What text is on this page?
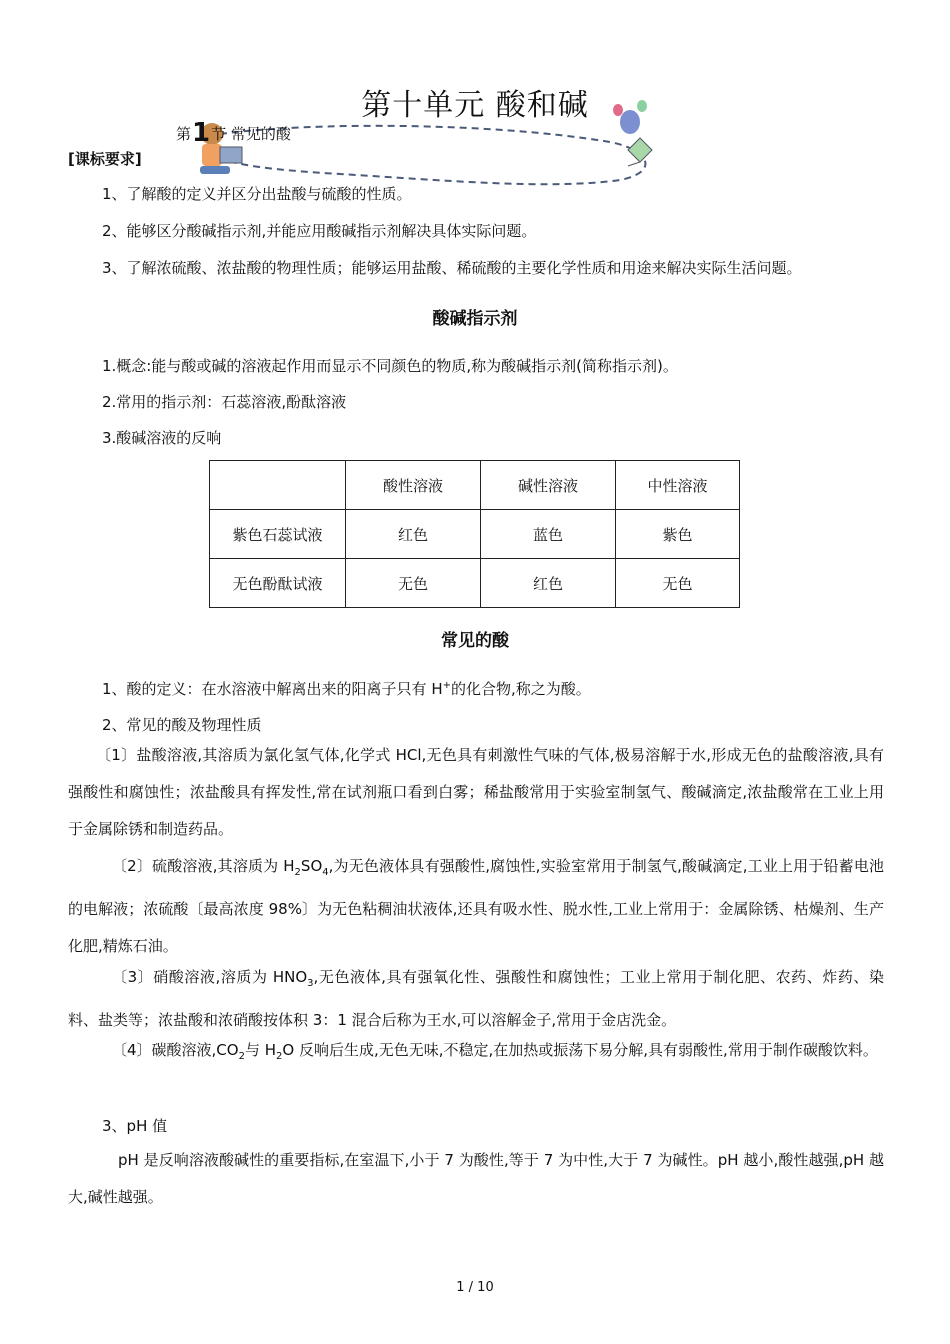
第十单元 酸和碱
第1节 常见的酸
[课标要求]
1、了解酸的定义并区分出盐酸与硫酸的性质。
2、能够区分酸碱指示剂,并能应用酸碱指示剂解决具体实际问题。
3、了解浓硫酸、浓盐酸的物理性质；能够运用盐酸、稀硫酸的主要化学性质和用途来解决实际生活问题。
酸碱指示剂
1.概念:能与酸或碱的溶液起作用而显示不同颜色的物质,称为酸碱指示剂(简称指示剂)。
2.常用的指示剂：石蕊溶液,酚酞溶液
3.酸碱溶液的反响
	酸性溶液	碱性溶液	中性溶液
紫色石蕊试液	红色	蓝色	紫色
无色酚酞试液	无色	红色	无色
常见的酸
1、酸的定义：在水溶液中解离出来的阳离子只有 H+的化合物,称之为酸。
2、常见的酸及物理性质
〔1〕盐酸溶液,其溶质为氯化氢气体,化学式 HCl,无色具有刺激性气味的气体,极易溶解于水,形成无色的盐酸溶液,具有强酸性和腐蚀性；浓盐酸具有挥发性,常在试剂瓶口看到白雾；稀盐酸常用于实验室制氢气、酸碱滴定,浓盐酸常在工业上用于金属除锈和制造药品。
〔2〕硫酸溶液,其溶质为 $H_2SO_4$,为无色液体具有强酸性,腐蚀性,实验室常用于制氢气,酸碱滴定,工业上用于铅蓄电池的电解液；浓硫酸〔最高浓度 98%〕为无色粘稠油状液体,还具有吸水性、脱水性,工业上常用于：金属除锈、枯燥剂、生产化肥,精炼石油。
〔3〕硝酸溶液,溶质为 $HNO_3$,无色液体,具有强氧化性、强酸性和腐蚀性；工业上常用于制化肥、农药、炸药、染料、盐类等；浓盐酸和浓硝酸按体积 3：1 混合后称为王水,可以溶解金子,常用于金店洗金。
〔4〕碳酸溶液$,CO_2$与 $H_2O$ 反响后生成,无色无味,不稳定,在加热或振荡下易分解,具有弱酸性,常用于制作碳酸饮料。
3、pH 值
pH 是反响溶液酸碱性的重要指标,在室温下,小于 7 为酸性,等于 7 为中性,大于 7 为碱性。pH 越小,酸性越强,pH 越大,碱性越强。
1 / 10
